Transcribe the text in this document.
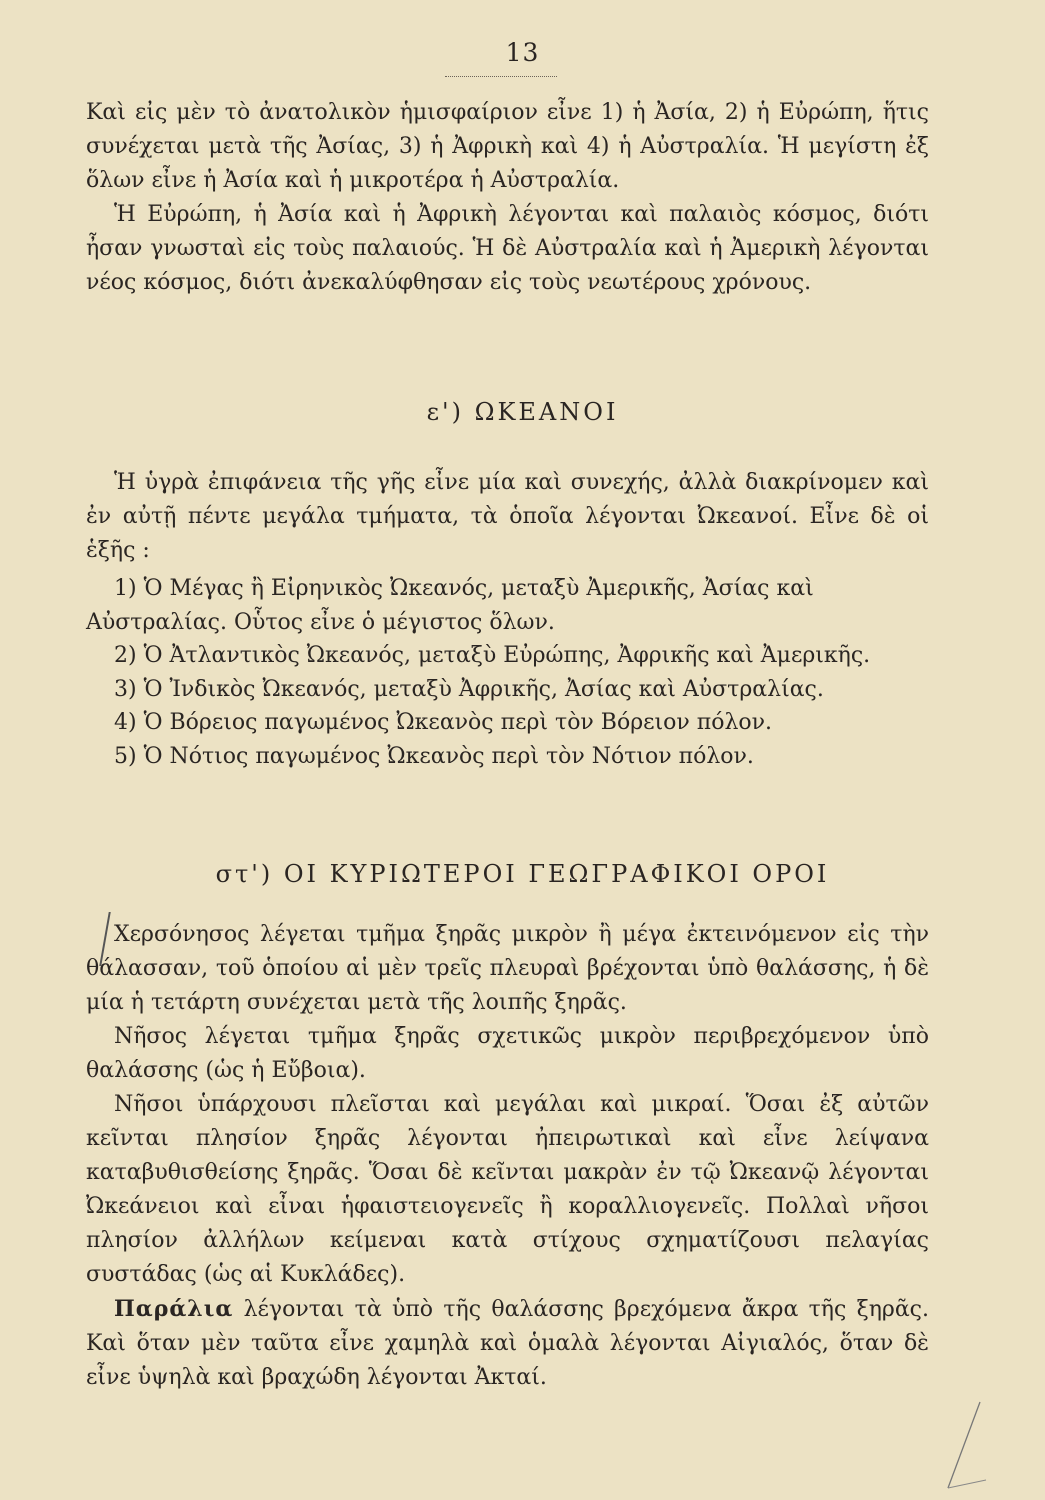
13

Καὶ εἰς μὲν τὸ ἀνατολικὸν ἡμισφαίριον εἶνε 1) ἡ Ἀσία, 2) ἡ Εὐρώπη, ἥτις συνέχεται μετὰ τῆς Ἀσίας, 3) ἡ Ἀφρικὴ καὶ 4) ἡ Αὐστραλία. Ἡ μεγίστη ἐξ ὅλων εἶνε ἡ Ἀσία καὶ ἡ μικροτέρα ἡ Αὐστραλία.

Ἡ Εὐρώπη, ἡ Ἀσία καὶ ἡ Ἀφρικὴ λέγονται καὶ παλαιὸς κόσμος, διότι ἦσαν γνωσταὶ εἰς τοὺς παλαιούς. Ἡ δὲ Αὐστραλία καὶ ἡ Ἀμερικὴ λέγονται νέος κόσμος, διότι ἀνεκαλύφθησαν εἰς τοὺς νεωτέρους χρόνους.

ε') ΩΚΕΑΝΟΙ

Ἡ ὑγρὰ ἐπιφάνεια τῆς γῆς εἶνε μία καὶ συνεχής, ἀλλὰ διακρίνομεν καὶ ἐν αὐτῇ πέντε μεγάλα τμήματα, τὰ ὁποῖα λέγονται Ὠκεανοί. Εἶνε δὲ οἱ ἑξῆς :

1) Ὁ Μέγας ἢ Εἰρηνικὸς Ὠκεανός, μεταξὺ Ἀμερικῆς, Ἀσίας καὶ Αὐστραλίας. Οὗτος εἶνε ὁ μέγιστος ὅλων.

2) Ὁ Ἀτλαντικὸς Ὠκεανός, μεταξὺ Εὐρώπης, Ἀφρικῆς καὶ Ἀμερικῆς.

3) Ὁ Ἰνδικὸς Ὠκεανός, μεταξὺ Ἀφρικῆς, Ἀσίας καὶ Αὐστραλίας.

4) Ὁ Βόρειος παγωμένος Ὠκεανὸς περὶ τὸν Βόρειον πόλον.

5) Ὁ Νότιος παγωμένος Ὠκεανὸς περὶ τὸν Νότιον πόλον.

στ') ΟΙ ΚΥΡΙΩΤΕΡΟΙ ΓΕΩΓΡΑΦΙΚΟΙ ΟΡΟΙ

Χερσόνησος λέγεται τμῆμα ξηρᾶς μικρὸν ἢ μέγα ἐκτεινόμενον εἰς τὴν θάλασσαν, τοῦ ὁποίου αἱ μὲν τρεῖς πλευραὶ βρέχονται ὑπὸ θαλάσσης, ἡ δὲ μία ἡ τετάρτη συνέχεται μετὰ τῆς λοιπῆς ξηρᾶς.

Νῆσος λέγεται τμῆμα ξηρᾶς σχετικῶς μικρὸν περιβρεχόμενον ὑπὸ θαλάσσης (ὡς ἡ Εὔβοια).

Νῆσοι ὑπάρχουσι πλεῖσται καὶ μεγάλαι καὶ μικραί. Ὅσαι ἐξ αὐτῶν κεῖνται πλησίον ξηρᾶς λέγονται ἠπειρωτικαὶ καὶ εἶνε λείψανα καταβυθισθείσης ξηρᾶς. Ὅσαι δὲ κεῖνται μακρὰν ἐν τῷ Ὠκεανῷ λέγονται Ὠκεάνειοι καὶ εἶναι ἡφαιστειογενεῖς ἢ κοραλλιογενεῖς. Πολλαὶ νῆσοι πλησίον ἀλλήλων κείμεναι κατὰ στίχους σχηματίζουσι πελαγίας συστάδας (ὡς αἱ Κυκλάδες).

Παράλια λέγονται τὰ ὑπὸ τῆς θαλάσσης βρεχόμενα ἄκρα τῆς ξηρᾶς. Καὶ ὅταν μὲν ταῦτα εἶνε χαμηλὰ καὶ ὁμαλὰ λέγονται Αἰγιαλός, ὅταν δὲ εἶνε ὑψηλὰ καὶ βραχώδη λέγονται Ἀκταί.
